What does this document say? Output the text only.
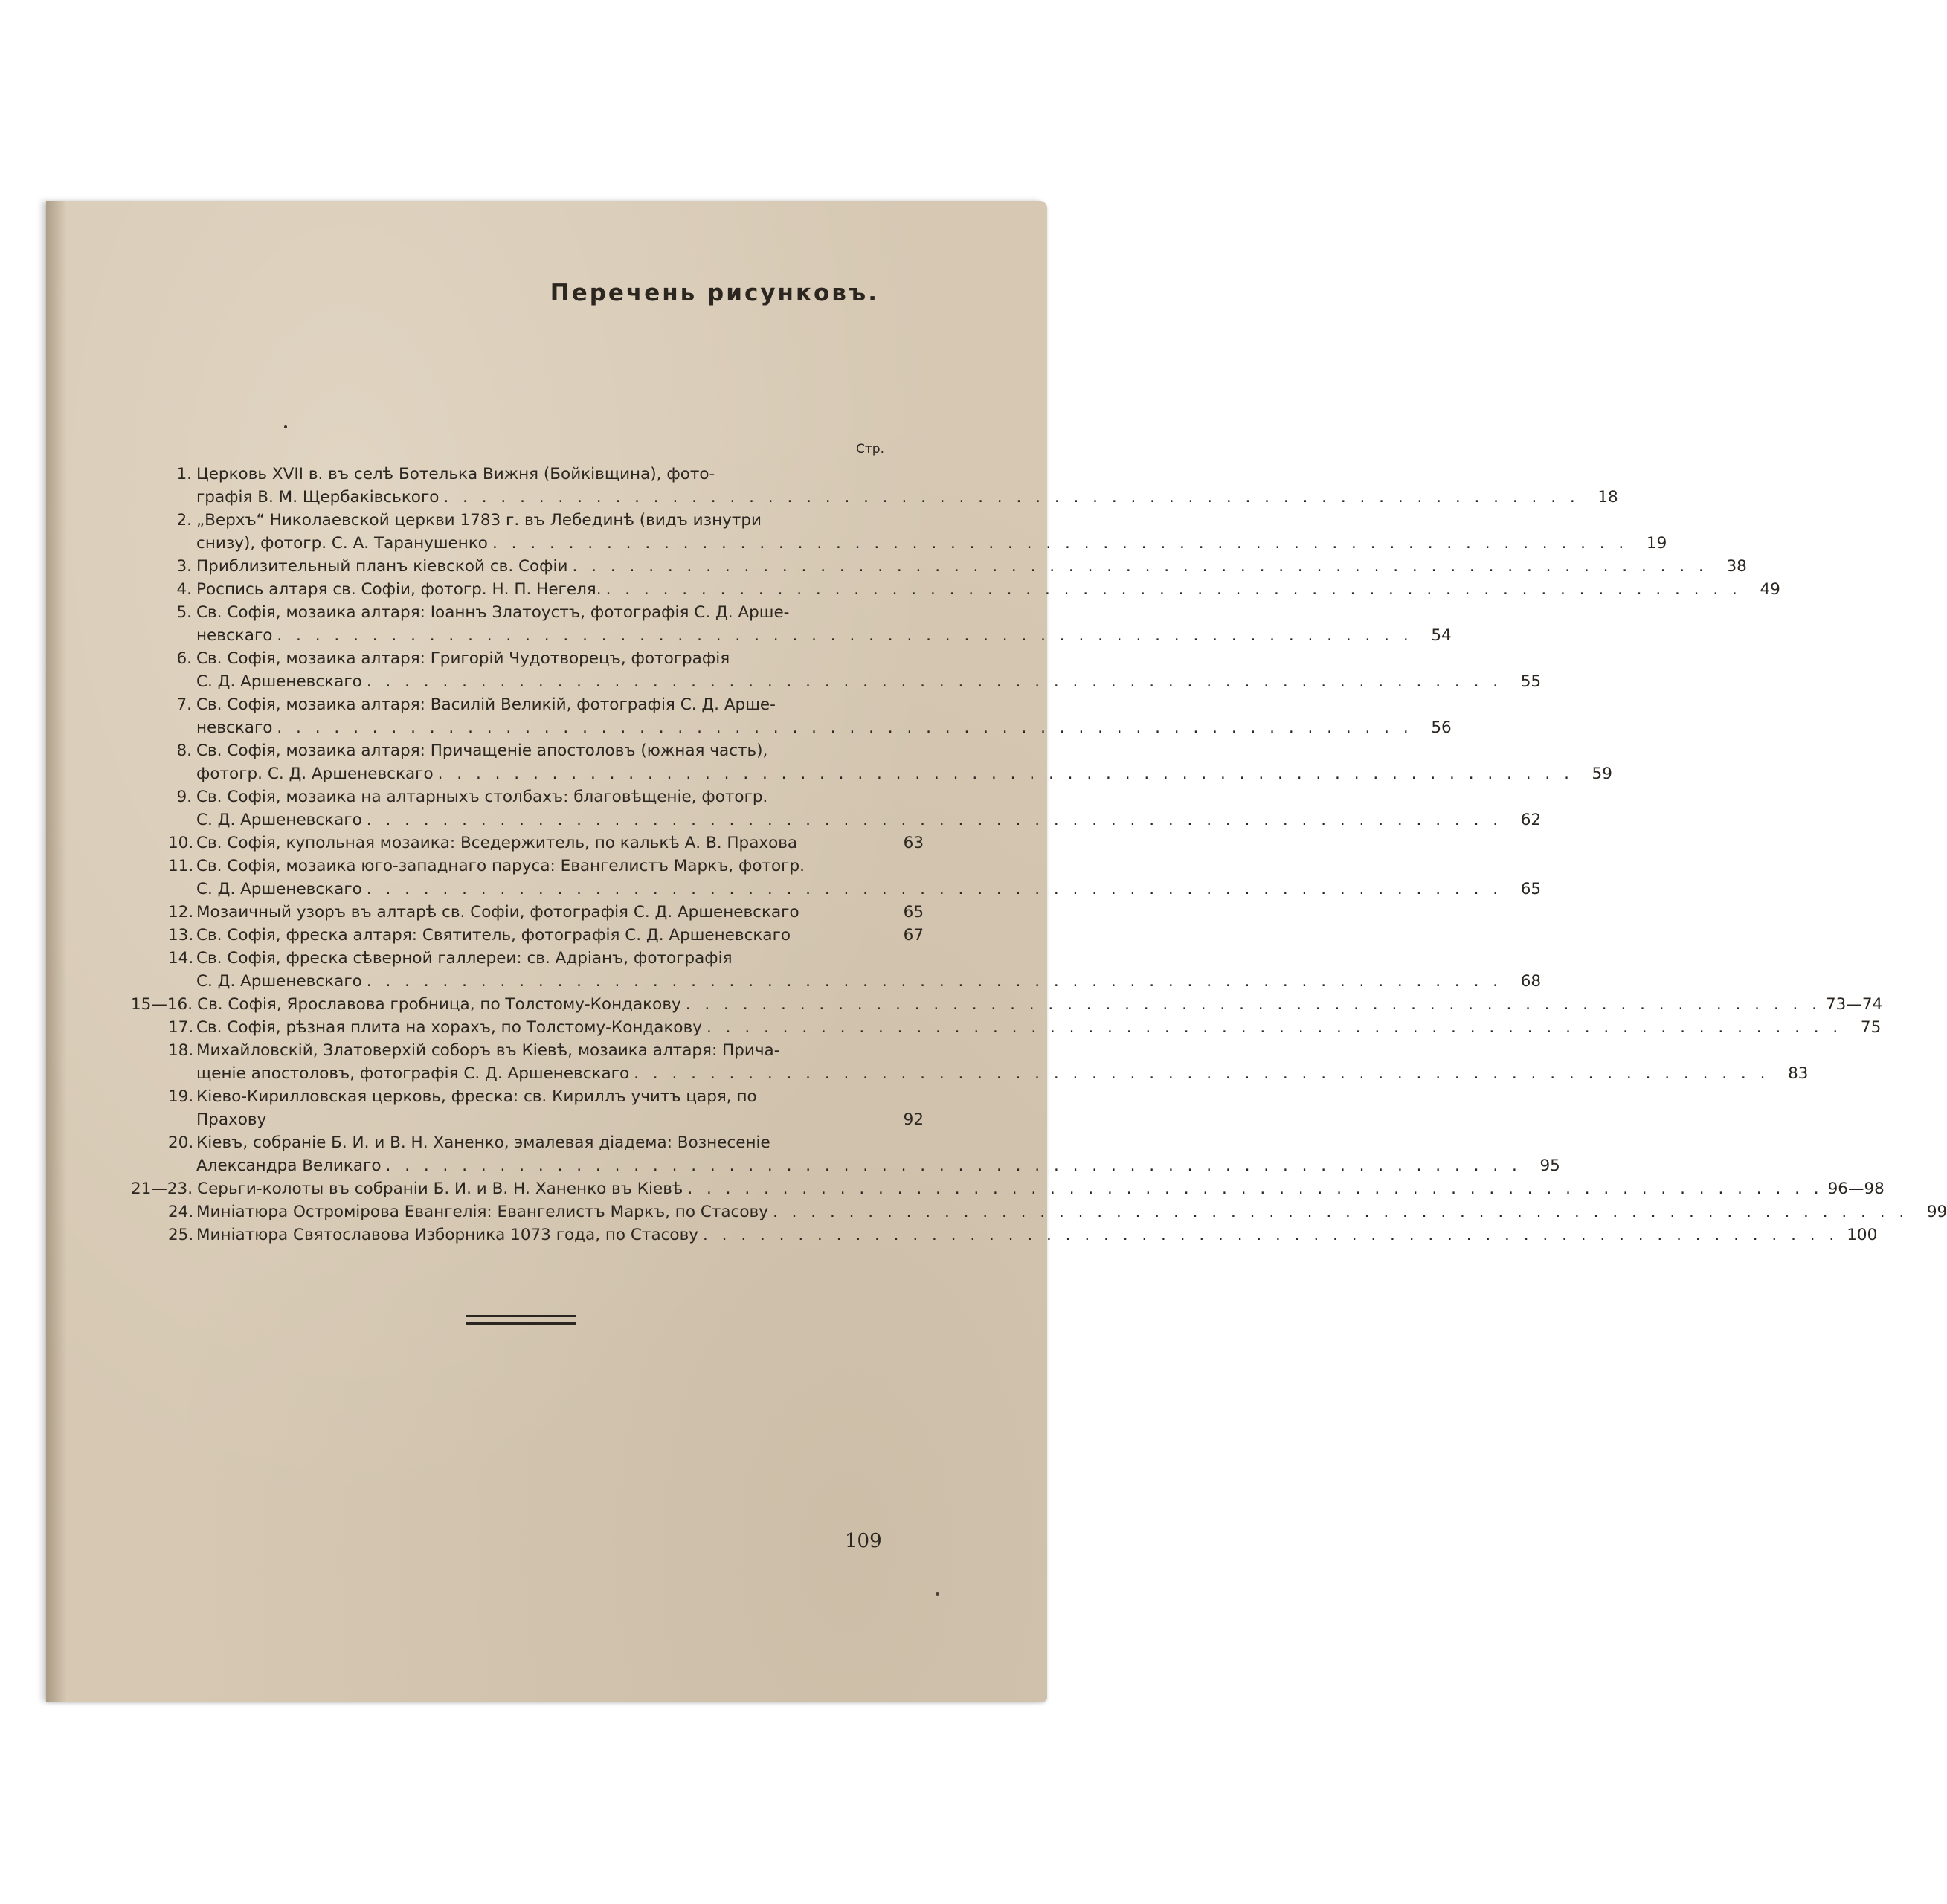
Перечень рисунковъ.
Стр.
1. Церковь XVII в. въ селѣ Ботелька Вижня (Бойківщина), фото-
графія В. М. Щербаківського . . . . . . . . . . . . . . . . . . . . . . . . . . . . . . . . . . . . . . . . . . . . . . . . . . . . . . . . . . . .	18
2. „Верхъ“ Николаевской церкви 1783 г. въ Лебединѣ (видъ изнутри
снизу), фотогр. С. А. Таранушенко . . . . . . . . . . . . . . . . . . . . . . . . . . . . . . . . . . . . . . . . . . . . . . . . . . . . . . . . . . . .	19
3. Приблизительный планъ кіевской св. Софіи . . . . . . . . . . . . . . . . . . . . . . . . . . . . . . . . . . . . . . . . . . . . . . . . . . . . . . . . . . . .	38
4. Роспись алтаря св. Софіи, фотогр. Н. П. Негеля. . . . . . . . . . . . . . . . . . . . . . . . . . . . . . . . . . . . . . . . . . . . . . . . . . . . . . . . . . . . .	49
5. Св. Софія, мозаика алтаря: Іоаннъ Златоустъ, фотографія С. Д. Арше-
невскаго . . . . . . . . . . . . . . . . . . . . . . . . . . . . . . . . . . . . . . . . . . . . . . . . . . . . . . . . . . . .	54
6. Св. Софія, мозаика алтаря: Григорій Чудотворецъ, фотографія
С. Д. Аршеневскаго . . . . . . . . . . . . . . . . . . . . . . . . . . . . . . . . . . . . . . . . . . . . . . . . . . . . . . . . . . . .	55
7. Св. Софія, мозаика алтаря: Василій Великій, фотографія С. Д. Арше-
невскаго . . . . . . . . . . . . . . . . . . . . . . . . . . . . . . . . . . . . . . . . . . . . . . . . . . . . . . . . . . . .	56
8. Св. Софія, мозаика алтаря: Причащеніе апостоловъ (южная часть),
фотогр. С. Д. Аршеневскаго . . . . . . . . . . . . . . . . . . . . . . . . . . . . . . . . . . . . . . . . . . . . . . . . . . . . . . . . . . . .	59
9. Св. Софія, мозаика на алтарныхъ столбахъ: благовѣщеніе, фотогр.
С. Д. Аршеневскаго . . . . . . . . . . . . . . . . . . . . . . . . . . . . . . . . . . . . . . . . . . . . . . . . . . . . . . . . . . . .	62
10. Св. Софія, купольная мозаика: Вседержитель, по калькѣ А. В. Прахова	63
11. Св. Софія, мозаика юго-западнаго паруса: Евангелистъ Маркъ, фотогр.
С. Д. Аршеневскаго . . . . . . . . . . . . . . . . . . . . . . . . . . . . . . . . . . . . . . . . . . . . . . . . . . . . . . . . . . . .	65
12. Мозаичный узоръ въ алтарѣ св. Софіи, фотографія С. Д. Аршеневскаго	65
13. Св. Софія, фреска алтаря: Святитель, фотографія С. Д. Аршеневскаго	67
14. Св. Софія, фреска сѣверной галлереи: св. Адріанъ, фотографія
С. Д. Аршеневскаго . . . . . . . . . . . . . . . . . . . . . . . . . . . . . . . . . . . . . . . . . . . . . . . . . . . . . . . . . . . .	68
15—16. Св. Софія, Ярославова гробница, по Толстому-Кондакову . . . . . . . . . . . . . . . . . . . . . . . . . . . . . . . . . . . . . . . . . . . . . . . . . . . . . . . . . . . . 73—74
17. Св. Софія, рѣзная плита на хорахъ, по Толстому-Кондакову . . . . . . . . . . . . . . . . . . . . . . . . . . . . . . . . . . . . . . . . . . . . . . . . . . . . . . . . . . . .	75
18. Михайловскій, Златоверхій соборъ въ Кіевѣ, мозаика алтаря: Прича-
щеніе апостоловъ, фотографія С. Д. Аршеневскаго . . . . . . . . . . . . . . . . . . . . . . . . . . . . . . . . . . . . . . . . . . . . . . . . . . . . . . . . . . . .	83
19. Кіево-Кирилловская церковь, фреска: св. Кириллъ учитъ царя, по
Прахову	92
20. Кіевъ, собраніе Б. И. и В. Н. Ханенко, эмалевая діадема: Вознесеніе
Александра Великаго . . . . . . . . . . . . . . . . . . . . . . . . . . . . . . . . . . . . . . . . . . . . . . . . . . . . . . . . . . . .	95
21—23. Серьги-колоты въ собраніи Б. И. и В. Н. Ханенко въ Кіевѣ . . . . . . . . . . . . . . . . . . . . . . . . . . . . . . . . . . . . . . . . . . . . . . . . . . . . . . . . . . . . 96—98
24. Миніатюра Остромірова Евангелія: Евангелистъ Маркъ, по Стасову . . . . . . . . . . . . . . . . . . . . . . . . . . . . . . . . . . . . . . . . . . . . . . . . . . . . . . . . . . . .	99
25. Миніатюра Святославова Изборника 1073 года, по Стасову . . . . . . . . . . . . . . . . . . . . . . . . . . . . . . . . . . . . . . . . . . . . . . . . . . . . . . . . . . . . 100
109
